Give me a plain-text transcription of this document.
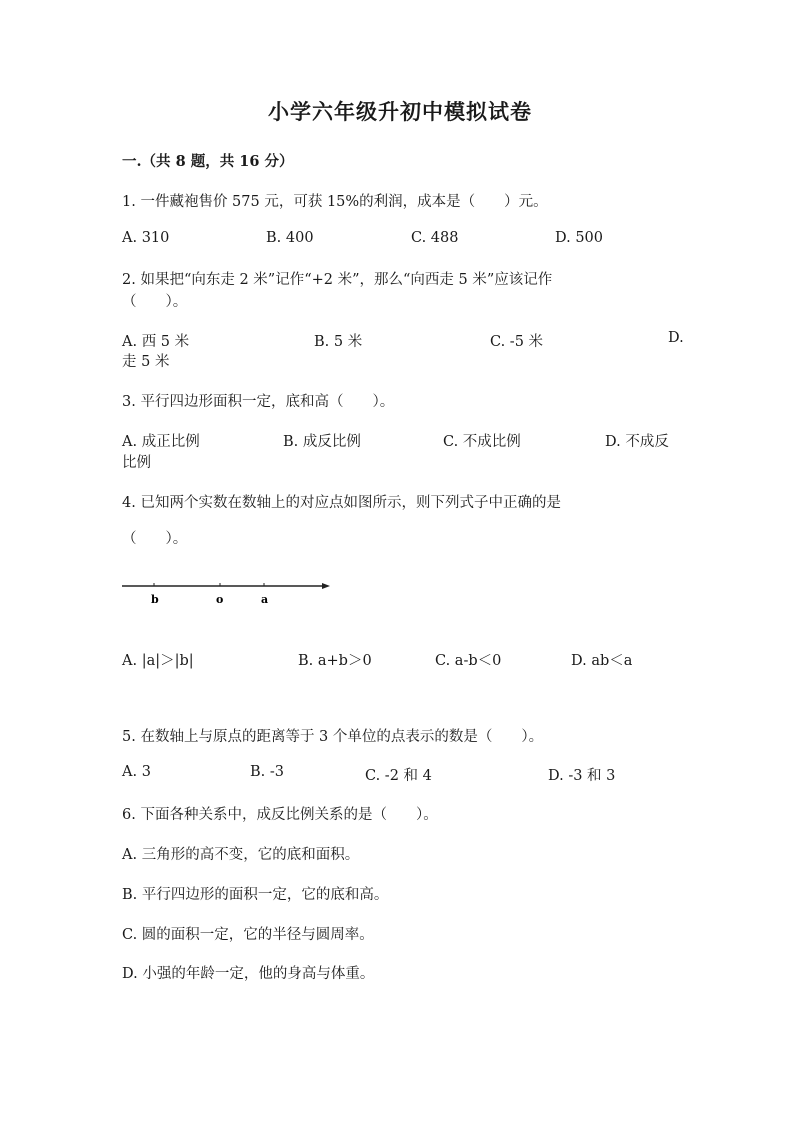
小学六年级升初中模拟试卷
一.（共 8 题，共 16 分）
1. 一件藏袍售价 575 元，可获 15%的利润，成本是（　　）元。
A. 310	B. 400	C. 488	D. 500
2. 如果把“向东走 2 米”记作“+2 米”，那么“向西走 5 米”应该记作
（　　）。
A. 西 5 米	B. 5 米	C. -5 米	D.
走 5 米
3. 平行四边形面积一定，底和高（　　）。
A. 成正比例	B. 成反比例	C. 不成比例	D. 不成反
比例
4. 已知两个实数在数轴上的对应点如图所示，则下列式子中正确的是
（　　）。
b	o	a
A. |a|＞|b|	B. a+b＞0	C. a-b＜0	D. ab＜a
5. 在数轴上与原点的距离等于 3 个单位的点表示的数是（　　）。
A. 3	B. -3	C. -2 和 4	D. -3 和 3
6. 下面各种关系中，成反比例关系的是（　　）。
A. 三角形的高不变，它的底和面积。
B. 平行四边形的面积一定，它的底和高。
C. 圆的面积一定，它的半径与圆周率。
D. 小强的年龄一定，他的身高与体重。
